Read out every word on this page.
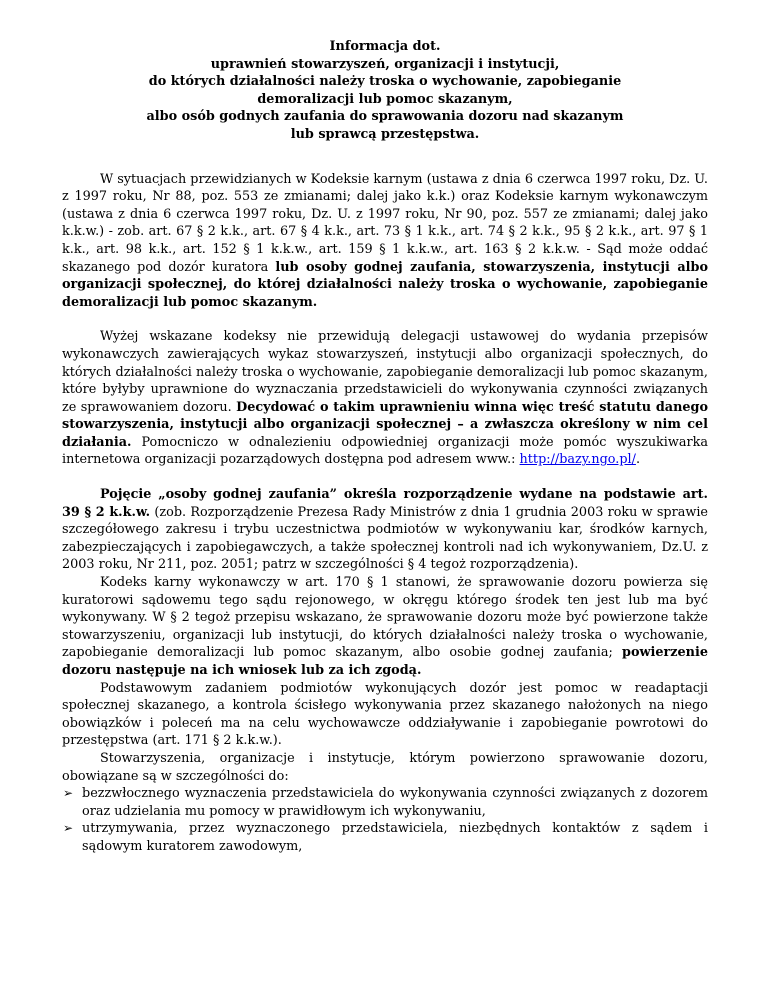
Informacja dot.
uprawnień stowarzyszeń, organizacji i instytucji,
do których działalności należy troska o wychowanie, zapobieganie
demoralizacji lub pomoc skazanym,
albo osób godnych zaufania do sprawowania dozoru nad skazanym
lub sprawcą przestępstwa.

W sytuacjach przewidzianych w Kodeksie karnym (ustawa z dnia 6 czerwca 1997 roku, Dz. U. z 1997 roku, Nr 88, poz. 553 ze zmianami; dalej jako k.k.) oraz Kodeksie karnym wykonawczym (ustawa z dnia 6 czerwca 1997 roku, Dz. U. z 1997 roku, Nr 90, poz. 557 ze zmianami; dalej jako k.k.w.) - zob. art. 67 § 2 k.k., art. 67 § 4 k.k., art. 73 § 1 k.k., art. 74 § 2 k.k., 95 § 2 k.k., art. 97 § 1 k.k., art. 98 k.k., art. 152 § 1 k.k.w., art. 159 § 1 k.k.w., art. 163 § 2 k.k.w. - Sąd może oddać skazanego pod dozór kuratora lub osoby godnej zaufania, stowarzyszenia, instytucji albo organizacji społecznej, do której działalności należy troska o wychowanie, zapobieganie demoralizacji lub pomoc skazanym.

Wyżej wskazane kodeksy nie przewidują delegacji ustawowej do wydania przepisów wykonawczych zawierających wykaz stowarzyszeń, instytucji albo organizacji społecznych, do których działalności należy troska o wychowanie, zapobieganie demoralizacji lub pomoc skazanym, które byłyby uprawnione do wyznaczania przedstawicieli do wykonywania czynności związanych ze sprawowaniem dozoru. Decydować o takim uprawnieniu winna więc treść statutu danego stowarzyszenia, instytucji albo organizacji społecznej – a zwłaszcza określony w nim cel działania. Pomocniczo w odnalezieniu odpowiedniej organizacji może pomóc wyszukiwarka internetowa organizacji pozarządowych dostępna pod adresem www.: http://bazy.ngo.pl/.

Pojęcie „osoby godnej zaufania” określa rozporządzenie wydane na podstawie art. 39 § 2 k.k.w. (zob. Rozporządzenie Prezesa Rady Ministrów z dnia 1 grudnia 2003 roku w sprawie szczegółowego zakresu i trybu uczestnictwa podmiotów w wykonywaniu kar, środków karnych, zabezpieczających i zapobiegawczych, a także społecznej kontroli nad ich wykonywaniem, Dz.U. z 2003 roku, Nr 211, poz. 2051; patrz w szczególności § 4 tegoż rozporządzenia).

Kodeks karny wykonawczy w art. 170 § 1 stanowi, że sprawowanie dozoru powierza się kuratorowi sądowemu tego sądu rejonowego, w okręgu którego środek ten jest lub ma być wykonywany. W § 2 tegoż przepisu wskazano, że sprawowanie dozoru może być powierzone także stowarzyszeniu, organizacji lub instytucji, do których działalności należy troska o wychowanie, zapobieganie demoralizacji lub pomoc skazanym, albo osobie godnej zaufania; powierzenie dozoru następuje na ich wniosek lub za ich zgodą.

Podstawowym zadaniem podmiotów wykonujących dozór jest pomoc w readaptacji społecznej skazanego, a kontrola ścisłego wykonywania przez skazanego nałożonych na niego obowiązków i poleceń ma na celu wychowawcze oddziaływanie i zapobieganie powrotowi do przestępstwa (art. 171 § 2 k.k.w.).

Stowarzyszenia, organizacje i instytucje, którym powierzono sprawowanie dozoru, obowiązane są w szczególności do:

➢ bezzwłocznego wyznaczenia przedstawiciela do wykonywania czynności związanych z dozorem oraz udzielania mu pomocy w prawidłowym ich wykonywaniu,
➢ utrzymywania, przez wyznaczonego przedstawiciela, niezbędnych kontaktów z sądem i sądowym kuratorem zawodowym,
